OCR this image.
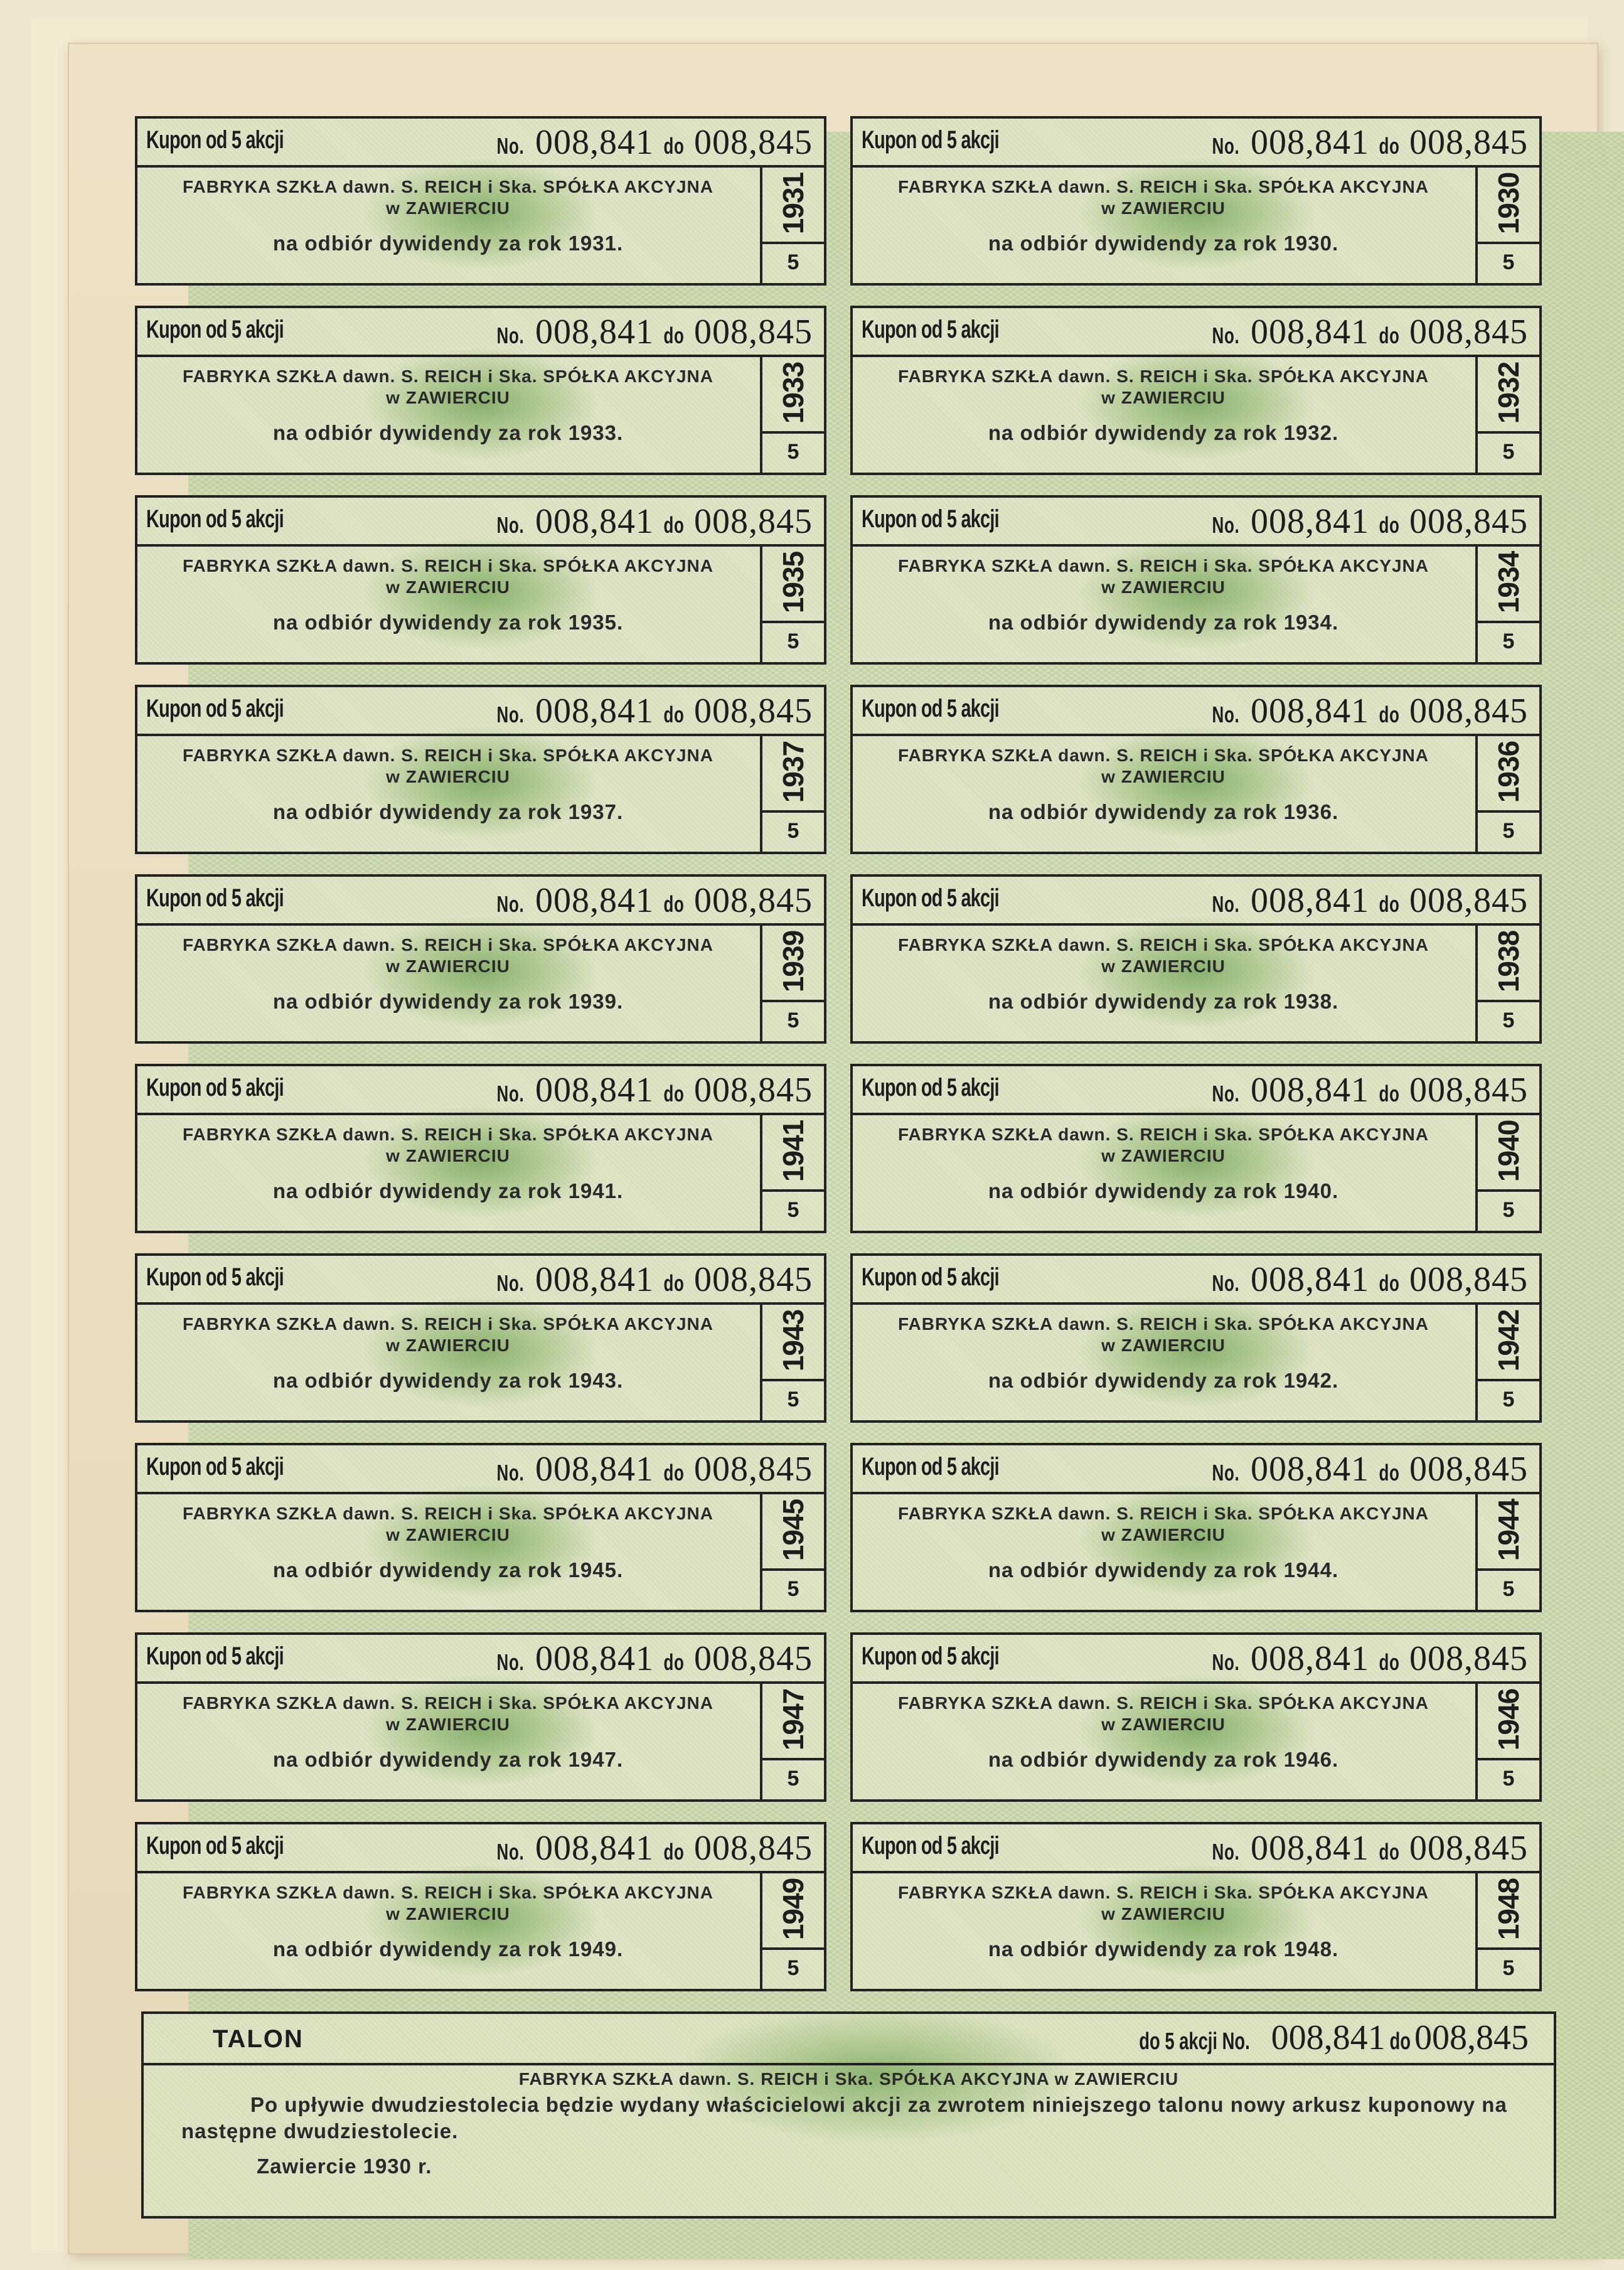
Kupon od 5 akcji	No. 008,841 do 008,845
FABRYKA SZKŁA dawn. S. REICH i Ska. SPÓŁKA AKCYJNA
w ZAWIERCIU
na odbiór dywidendy za rok 1931.
1931
5
Kupon od 5 akcji	No. 008,841 do 008,845
FABRYKA SZKŁA dawn. S. REICH i Ska. SPÓŁKA AKCYJNA
w ZAWIERCIU
na odbiór dywidendy za rok 1930.
1930
5
Kupon od 5 akcji	No. 008,841 do 008,845
FABRYKA SZKŁA dawn. S. REICH i Ska. SPÓŁKA AKCYJNA
w ZAWIERCIU
na odbiór dywidendy za rok 1933.
1933
5
Kupon od 5 akcji	No. 008,841 do 008,845
FABRYKA SZKŁA dawn. S. REICH i Ska. SPÓŁKA AKCYJNA
w ZAWIERCIU
na odbiór dywidendy za rok 1932.
1932
5
Kupon od 5 akcji	No. 008,841 do 008,845
FABRYKA SZKŁA dawn. S. REICH i Ska. SPÓŁKA AKCYJNA
w ZAWIERCIU
na odbiór dywidendy za rok 1935.
1935
5
Kupon od 5 akcji	No. 008,841 do 008,845
FABRYKA SZKŁA dawn. S. REICH i Ska. SPÓŁKA AKCYJNA
w ZAWIERCIU
na odbiór dywidendy za rok 1934.
1934
5
Kupon od 5 akcji	No. 008,841 do 008,845
FABRYKA SZKŁA dawn. S. REICH i Ska. SPÓŁKA AKCYJNA
w ZAWIERCIU
na odbiór dywidendy za rok 1937.
1937
5
Kupon od 5 akcji	No. 008,841 do 008,845
FABRYKA SZKŁA dawn. S. REICH i Ska. SPÓŁKA AKCYJNA
w ZAWIERCIU
na odbiór dywidendy za rok 1936.
1936
5
Kupon od 5 akcji	No. 008,841 do 008,845
FABRYKA SZKŁA dawn. S. REICH i Ska. SPÓŁKA AKCYJNA
w ZAWIERCIU
na odbiór dywidendy za rok 1939.
1939
5
Kupon od 5 akcji	No. 008,841 do 008,845
FABRYKA SZKŁA dawn. S. REICH i Ska. SPÓŁKA AKCYJNA
w ZAWIERCIU
na odbiór dywidendy za rok 1938.
1938
5
Kupon od 5 akcji	No. 008,841 do 008,845
FABRYKA SZKŁA dawn. S. REICH i Ska. SPÓŁKA AKCYJNA
w ZAWIERCIU
na odbiór dywidendy za rok 1941.
1941
5
Kupon od 5 akcji	No. 008,841 do 008,845
FABRYKA SZKŁA dawn. S. REICH i Ska. SPÓŁKA AKCYJNA
w ZAWIERCIU
na odbiór dywidendy za rok 1940.
1940
5
Kupon od 5 akcji	No. 008,841 do 008,845
FABRYKA SZKŁA dawn. S. REICH i Ska. SPÓŁKA AKCYJNA
w ZAWIERCIU
na odbiór dywidendy za rok 1943.
1943
5
Kupon od 5 akcji	No. 008,841 do 008,845
FABRYKA SZKŁA dawn. S. REICH i Ska. SPÓŁKA AKCYJNA
w ZAWIERCIU
na odbiór dywidendy za rok 1942.
1942
5
Kupon od 5 akcji	No. 008,841 do 008,845
FABRYKA SZKŁA dawn. S. REICH i Ska. SPÓŁKA AKCYJNA
w ZAWIERCIU
na odbiór dywidendy za rok 1945.
1945
5
Kupon od 5 akcji	No. 008,841 do 008,845
FABRYKA SZKŁA dawn. S. REICH i Ska. SPÓŁKA AKCYJNA
w ZAWIERCIU
na odbiór dywidendy za rok 1944.
1944
5
Kupon od 5 akcji	No. 008,841 do 008,845
FABRYKA SZKŁA dawn. S. REICH i Ska. SPÓŁKA AKCYJNA
w ZAWIERCIU
na odbiór dywidendy za rok 1947.
1947
5
Kupon od 5 akcji	No. 008,841 do 008,845
FABRYKA SZKŁA dawn. S. REICH i Ska. SPÓŁKA AKCYJNA
w ZAWIERCIU
na odbiór dywidendy za rok 1946.
1946
5
Kupon od 5 akcji	No. 008,841 do 008,845
FABRYKA SZKŁA dawn. S. REICH i Ska. SPÓŁKA AKCYJNA
w ZAWIERCIU
na odbiór dywidendy za rok 1949.
1949
5
Kupon od 5 akcji	No. 008,841 do 008,845
FABRYKA SZKŁA dawn. S. REICH i Ska. SPÓŁKA AKCYJNA
w ZAWIERCIU
na odbiór dywidendy za rok 1948.
1948
5
TALON	do 5 akcji No. 008,841 do 008,845
FABRYKA SZKŁA dawn. S. REICH i Ska. SPÓŁKA AKCYJNA w ZAWIERCIU
Po upływie dwudziestolecia będzie wydany właścicielowi akcji za zwrotem niniejszego talonu nowy arkusz kuponowy na następne dwudziestolecie.
Zawiercie 1930 r.
